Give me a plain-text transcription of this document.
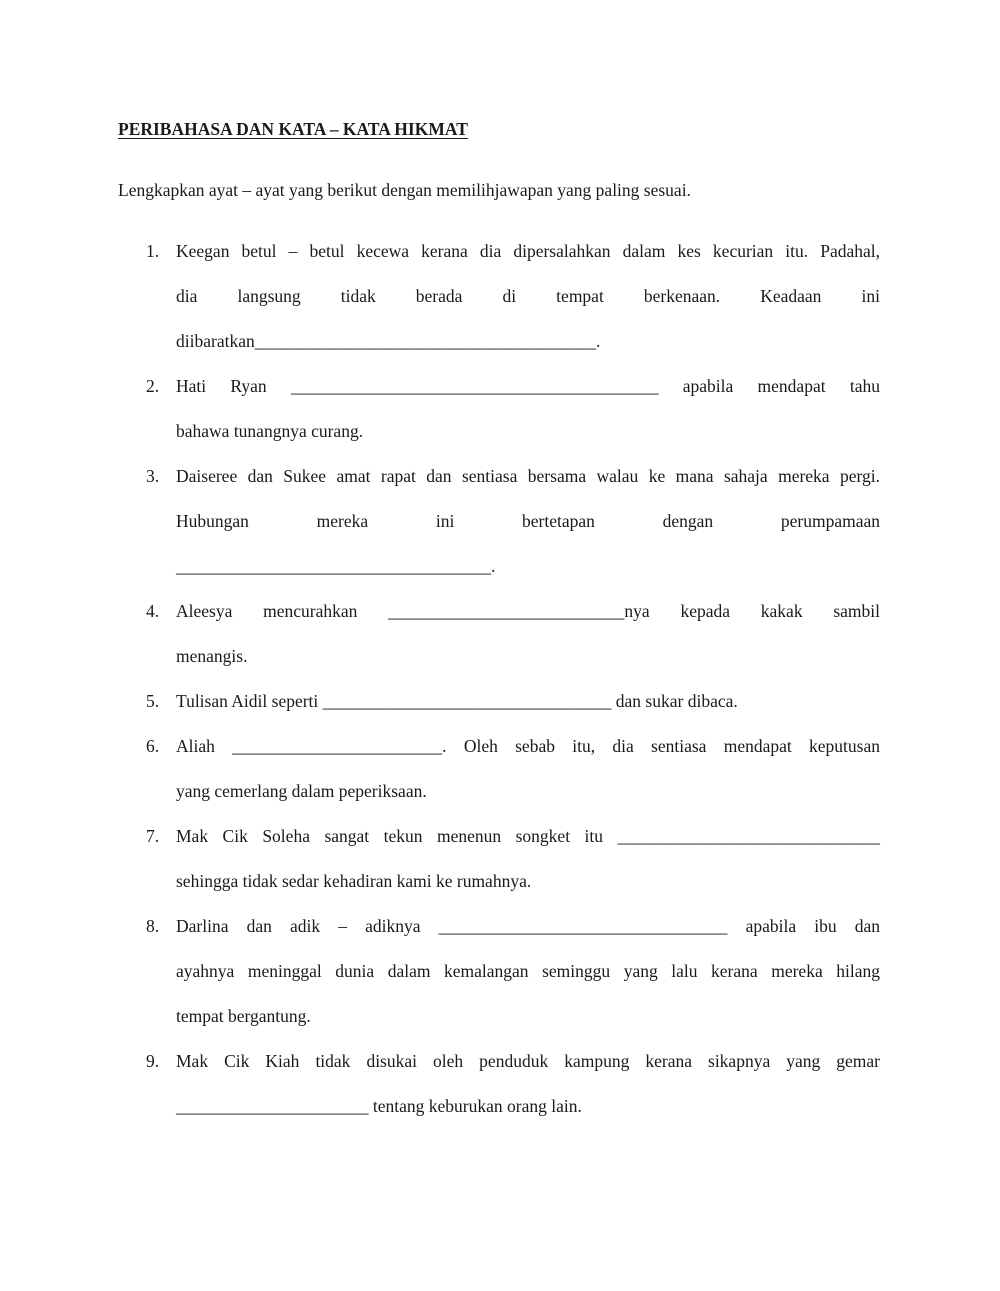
PERIBAHASA DAN KATA – KATA HIKMAT

Lengkapkan ayat – ayat yang berikut dengan memilihjawapan yang paling sesuai.

1. Keegan betul – betul kecewa kerana dia dipersalahkan dalam kes kecurian itu. Padahal,
dia langsung tidak berada di tempat berkenaan. Keadaan ini
diibaratkan_______________________________________.
2. Hati Ryan __________________________________________ apabila mendapat tahu
bahawa tunangnya curang.
3. Daiseree dan Sukee amat rapat dan sentiasa bersama walau ke mana sahaja mereka pergi.
Hubungan mereka ini bertetapan dengan perumpamaan
____________________________________.
4. Aleesya mencurahkan ___________________________nya kepada kakak sambil
menangis.
5. Tulisan Aidil seperti _________________________________ dan sukar dibaca.
6. Aliah ________________________. Oleh sebab itu, dia sentiasa mendapat keputusan
yang cemerlang dalam peperiksaan.
7. Mak Cik Soleha sangat tekun menenun songket itu ______________________________
sehingga tidak sedar kehadiran kami ke rumahnya.
8. Darlina dan adik – adiknya _________________________________ apabila ibu dan
ayahnya meninggal dunia dalam kemalangan seminggu yang lalu kerana mereka hilang
tempat bergantung.
9. Mak Cik Kiah tidak disukai oleh penduduk kampung kerana sikapnya yang gemar
______________________ tentang keburukan orang lain.
